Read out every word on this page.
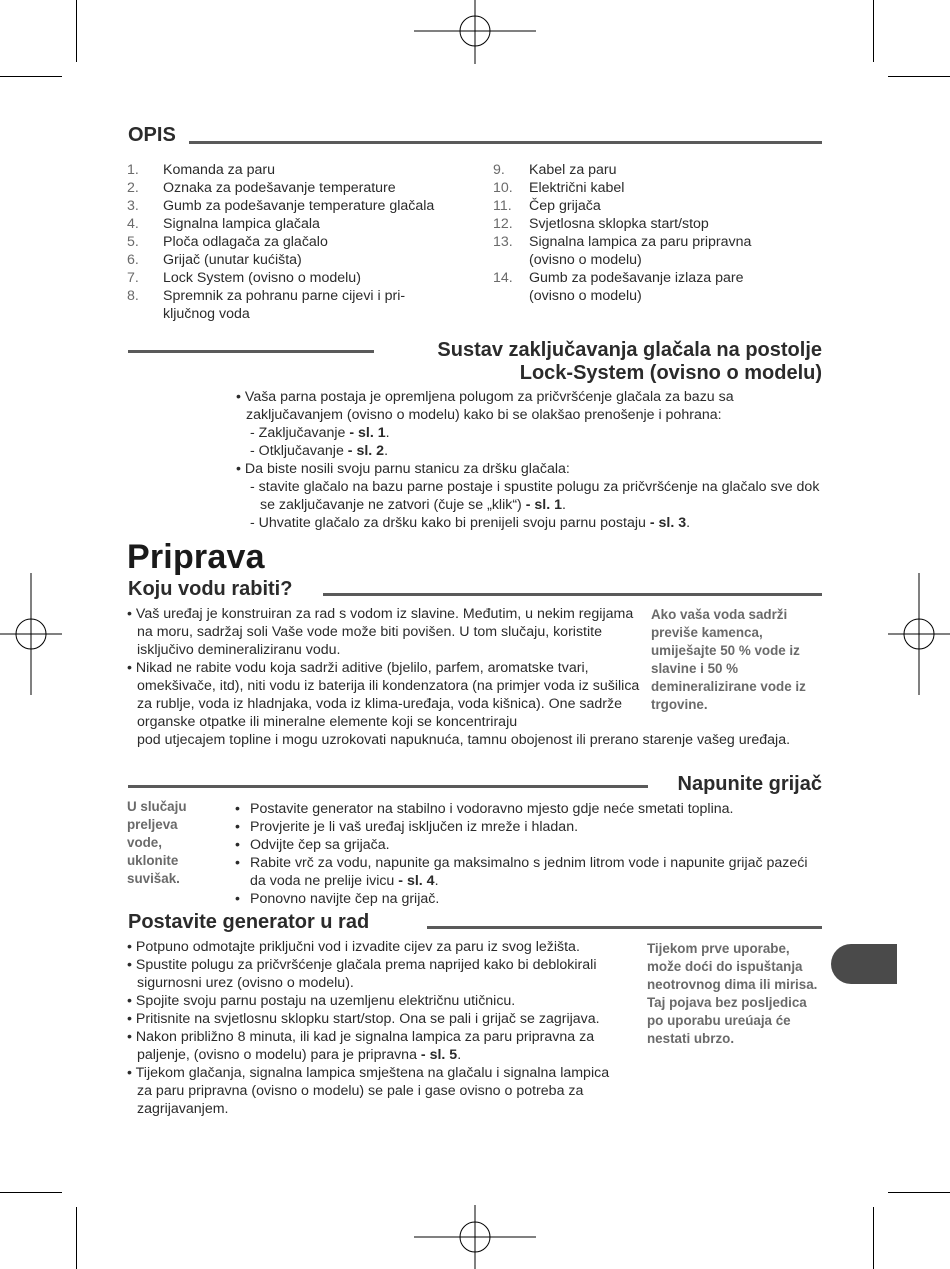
OPIS
1.	Komanda za paru
2.	Oznaka za podešavanje temperature
3.	Gumb za podešavanje temperature glačala
4.	Signalna lampica glačala
5.	Ploča odlagača za glačalo
6.	Grijač (unutar kućišta)
7.	Lock System (ovisno o modelu)
8.	Spremnik za pohranu parne cijevi i pri-ključnog voda
9.	Kabel za paru
10.	Električni kabel
11.	Čep grijača
12.	Svjetlosna sklopka start/stop
13.	Signalna lampica za paru pripravna (ovisno o modelu)
14.	Gumb za podešavanje izlaza pare (ovisno o modelu)
Sustav zaključavanja glačala na postolje
Lock-System (ovisno o modelu)

• Vaša parna postaja je opremljena polugom za pričvršćenje glačala za bazu sa zaključavanjem (ovisno o modelu) kako bi se olakšao prenošenje i pohrana:

- Zaključavanje - sl. 1.

- Otključavanje - sl. 2.

• Da biste nosili svoju parnu stanicu za dršku glačala:

- stavite glačalo na bazu parne postaje i spustite polugu za pričvršćenje na glačalo sve dok se zaključavanje ne zatvori (čuje se „klik“) - sl. 1.

- Uhvatite glačalo za dršku kako bi prenijeli svoju parnu postaju - sl. 3.

Priprava
Koju vodu rabiti?

• Vaš uređaj je konstruiran za rad s vodom iz slavine. Međutim, u nekim regijama na moru, sadržaj soli Vaše vode može biti povišen. U tom slučaju, koristite isključivo demineraliziranu vodu.

• Nikad ne rabite vodu koja sadrži aditive (bjelilo, parfem, aromatske tvari, omekšivače, itd), niti vodu iz baterija ili kondenzatora (na primjer voda iz sušilica za rublje, voda iz hladnjaka, voda iz klima-uređaja, voda kišnica). One sadrže organske otpatke ili mineralne elemente koji se koncentriraju

pod utjecajem topline i mogu uzrokovati napuknuća, tamnu obojenost ili prerano starenje vašeg uređaja.
Ako vaša voda sadrži previše kamenca, umiješajte 50 % vode iz slavine i 50 % demineralizirane vode iz trgovine.
Napunite grijač
U slučaju preljeva vode, uklonite suvišak.
• Postavite generator na stabilno i vodoravno mjesto gdje neće smetati toplina.
• Provjerite je li vaš uređaj isključen iz mreže i hladan.
• Odvijte čep sa grijača.
• Rabite vrč za vodu, napunite ga maksimalno s jednim litrom vode i napunite grijač pazeći da voda ne prelije ivicu - sl. 4.
• Ponovno navijte čep na grijač.
Postavite generator u rad

• Potpuno odmotajte priključni vod i izvadite cijev za paru iz svog ležišta.

• Spustite polugu za pričvršćenje glačala prema naprijed kako bi deblokirali sigurnosni urez (ovisno o modelu).

• Spojite svoju parnu postaju na uzemljenu električnu utičnicu.

• Pritisnite na svjetlosnu sklopku start/stop. Ona se pali i grijač se zagrijava.

• Nakon približno 8 minuta, ili kad je signalna lampica za paru pripravna za paljenje, (ovisno o modelu) para je pripravna - sl. 5.

• Tijekom glačanja, signalna lampica smještena na glačalu i signalna lampica za paru pripravna (ovisno o modelu) se pale i gase ovisno o potreba za zagrijavanjem.

Tijekom prve uporabe, može doći do ispuštanja neotrovnog dima ili mirisa. Taj pojava bez posljedica po uporabu ureúaja će nestati ubrzo.
